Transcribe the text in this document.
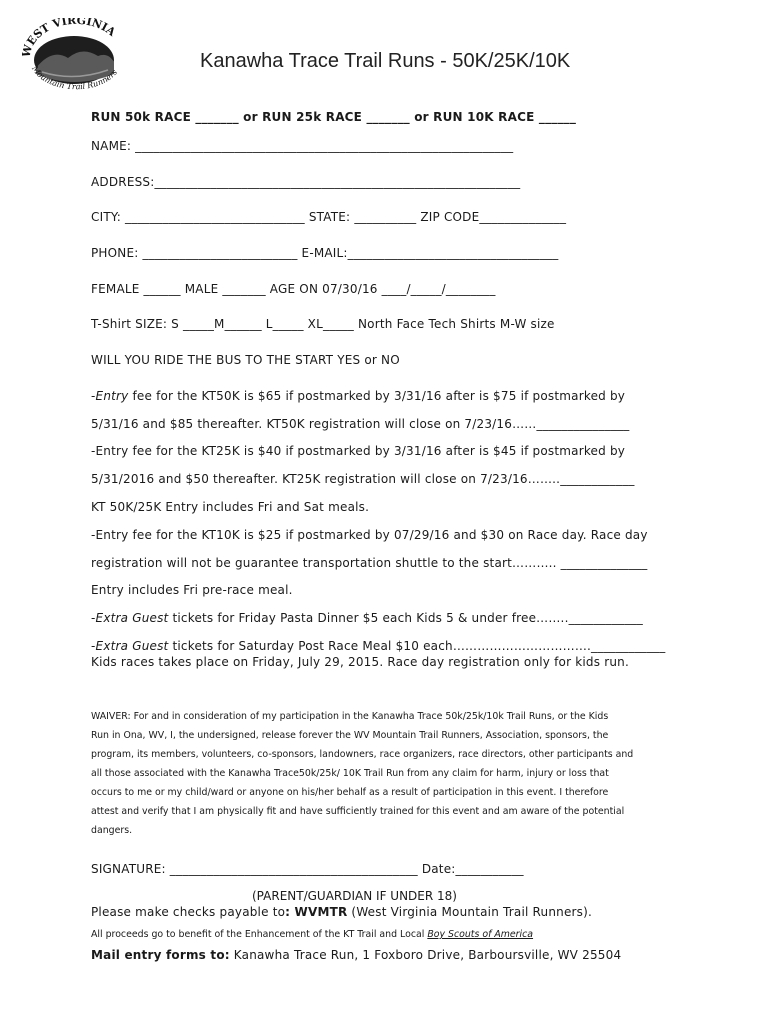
EST VIRGINIA
Mountain Trail Runners
Kanawha Trace Trail Runs - 50K/25K/10K
RUN 50k RACE _______ or RUN 25k RACE _______ or RUN 10K RACE ______
NAME: _____________________________________________________________
ADDRESS:___________________________________________________________
CITY: _____________________________ STATE: __________ ZIP CODE______________
PHONE: _________________________ E-MAIL:__________________________________
FEMALE ______ MALE _______ AGE ON 07/30/16 ____/_____/________
T-Shirt SIZE: S _____M______ L_____ XL_____ North Face Tech Shirts M-W size
WILL YOU RIDE THE BUS TO THE START YES or NO
-Entry fee for the KT50K is $65 if postmarked by 3/31/16 after is $75 if postmarked by
5/31/16 and $85 thereafter. KT50K registration will close on 7/23/16……_______________
-Entry fee for the KT25K is $40 if postmarked by 3/31/16 after is $45 if postmarked by
5/31/2016 and $50 thereafter. KT25K registration will close on 7/23/16……..____________
KT 50K/25K Entry includes Fri and Sat meals.
-Entry fee for the KT10K is $25 if postmarked by 07/29/16 and $30 on Race day. Race day
registration will not be guarantee transportation shuttle to the start……….. ______________
Entry includes Fri pre-race meal.
-Extra Guest tickets for Friday Pasta Dinner $5 each Kids 5 & under free……..____________
-Extra Guest tickets for Saturday Post Race Meal $10 each…………………………….____________
Kids races takes place on Friday, July 29, 2015. Race day registration only for kids run.

WAIVER: For and in consideration of my participation in the Kanawha Trace 50k/25k/10k Trail Runs, or the Kids

Run in Ona, WV, I, the undersigned, release forever the WV Mountain Trail Runners, Association, sponsors, the

program, its members, volunteers, co-sponsors, landowners, race organizers, race directors, other participants and

all those associated with the Kanawha Trace50k/25k/ 10K Trail Run from any claim for harm, injury or loss that

occurs to me or my child/ward or anyone on his/her behalf as a result of participation in this event. I therefore

attest and verify that I am physically fit and have sufficiently trained for this event and am aware of the potential

dangers.

SIGNATURE: ________________________________________ Date:___________
(PARENT/GUARDIAN IF UNDER 18)
Please make checks payable to: WVMTR (West Virginia Mountain Trail Runners).
All proceeds go to benefit of the Enhancement of the KT Trail and Local Boy Scouts of America
Mail entry forms to: Kanawha Trace Run, 1 Foxboro Drive, Barboursville, WV 25504
